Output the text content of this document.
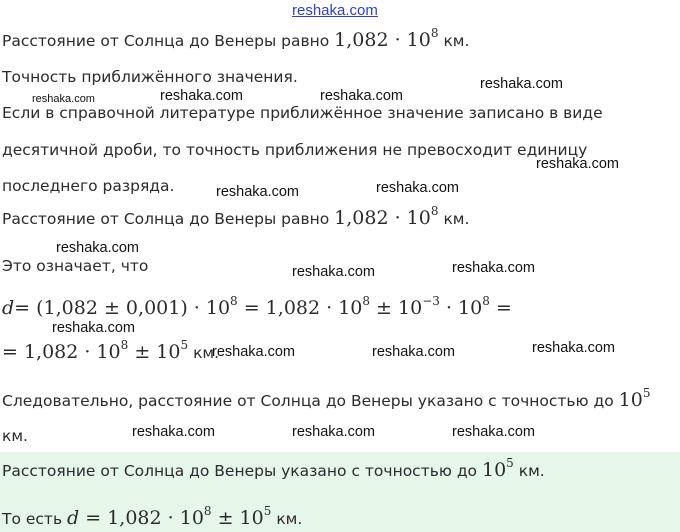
reshaka.com
reshaka.com
reshaka.com	reshaka.com	reshaka.com
reshaka.com
reshaka.com	reshaka.com
reshaka.com
reshaka.com	reshaka.com
reshaka.com
reshaka.com	reshaka.com	reshaka.com
reshaka.com	reshaka.com	reshaka.com
Расстояние от Солнца до Венеры равно $1,082 \cdot 10^8$ км.
Точность приближённого значения.
Если в справочной литературе приближённое значение записано в виде
десятичной дроби, то точность приближения не превосходит единицу
последнего разряда.
Расстояние от Солнца до Венеры равно $1,082 \cdot 10^8$ км.
Это означает, что
$d= (1,082 \pm 0,001) \cdot 10^8 = 1,082 \cdot 10^8 \pm 10^{-3} \cdot 10^8$ =
= $1,082 \cdot 10^8 \pm 10^5$ км.
Следовательно, расстояние от Солнца до Венеры указано с точностью до $10^5$
км.
Расстояние от Солнца до Венеры указано с точностью до $10^5$ км.
То есть $d = 1,082 \cdot 10^8 \pm 10^5$ км.
